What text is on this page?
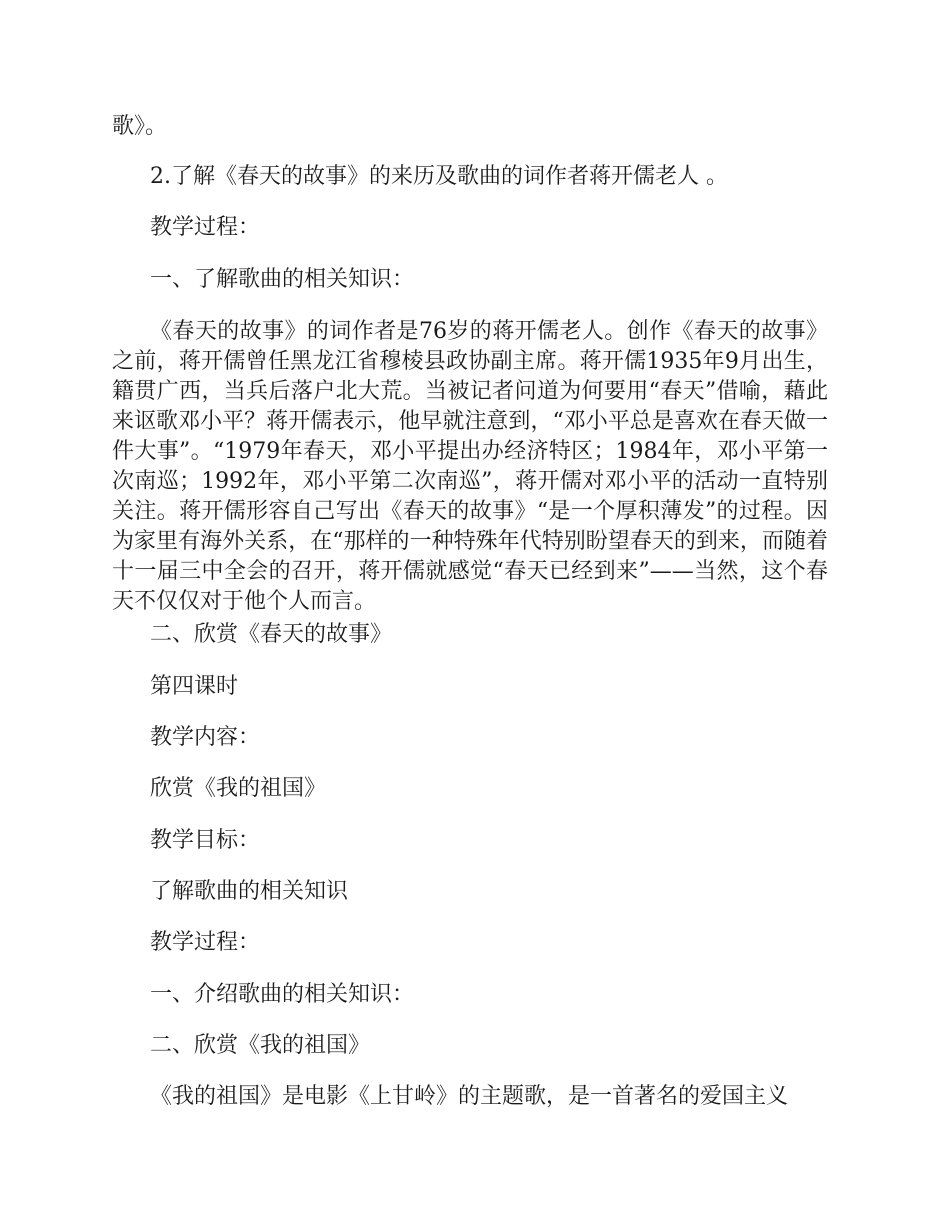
歌》。
2.了解《春天的故事》的来历及歌曲的词作者蒋开儒老人 。
教学过程：
一、了解歌曲的相关知识：
《春天的故事》的词作者是76岁的蒋开儒老人。创作《春天的故事》之前，蒋开儒曾任黑龙江省穆棱县政协副主席。蒋开儒1935年9月出生，籍贯广西，当兵后落户北大荒。当被记者问道为何要用“春天”借喻，藉此来讴歌邓小平？蒋开儒表示，他早就注意到，“邓小平总是喜欢在春天做一件大事”。“1979年春天，邓小平提出办经济特区；1984年，邓小平第一次南巡；1992年，邓小平第二次南巡”，蒋开儒对邓小平的活动一直特别关注。蒋开儒形容自己写出《春天的故事》“是一个厚积薄发”的过程。因为家里有海外关系，在“那样的一种特殊年代特别盼望春天的到来，而随着十一届三中全会的召开，蒋开儒就感觉“春天已经到来”——当然，这个春天不仅仅对于他个人而言。
二、欣赏《春天的故事》
第四课时
教学内容：
欣赏《我的祖国》
教学目标：
了解歌曲的相关知识
教学过程：
一、介绍歌曲的相关知识：
二、欣赏《我的祖国》
《我的祖国》是电影《上甘岭》的主题歌，是一首著名的爱国主义
